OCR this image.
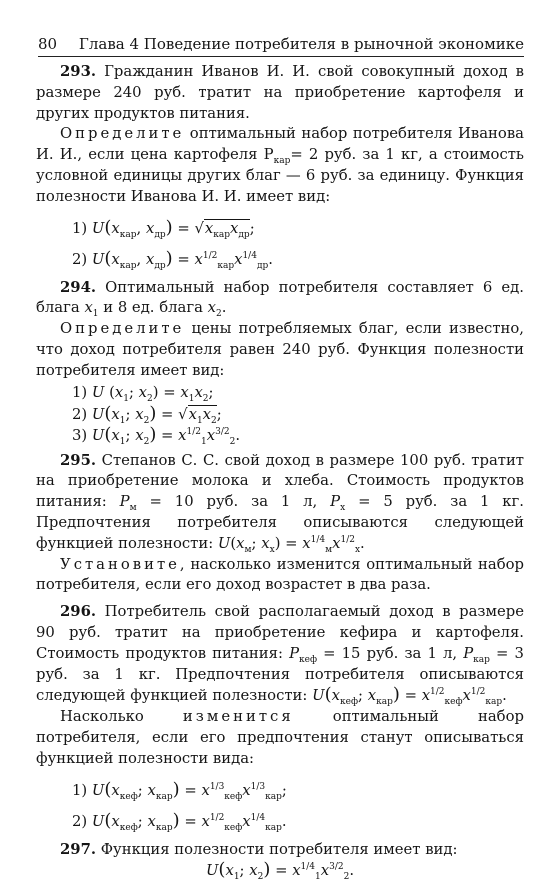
80 Глава 4 Поведение потребителя в рыночной экономике

293. Гражданин Иванов И. И. свой совокупный доход в размере 240 руб. тратит на приобретение картофеля и других продуктов питания.

Определите оптимальный набор потребителя Иванова И. И., если цена картофеля $P_{кар}= 2$ руб. за 1 кг, а стоимость условной единицы других благ — 6 руб. за единицу. Функция полезности Иванова И. И. имеет вид:

1) $U(x_{кар}$, $x_{др}) = √x_{кар}x_{др}$;

2) $U(x_{кар}$, $x_{др}) = x^{1/2}_{кар}x^{1/4}_{др}$.

294. Оптимальный набор потребителя составляет 6 ед. блага $x_1$ и 8 ед. блага $x_2$.

Определите цены потребляемых благ, если известно, что доход потребителя равен 240 руб. Функция полезности потребителя имеет вид:

1) U ($x_1$; $x_2) = x_1x_2$;

2) $U(x_1$; $x_2) = √x_1x_2$;

3) $U(x_1$; $x_2) = x^{1/2}_1x^{3/2}_2$.

295. Степанов С. С. свой доход в размере 100 руб. тратит на приобретение молока и хлеба. Стоимость продуктов питания: $P_м = 10$ руб. за 1 л, $P_х = 5$ руб. за 1 кг. Предпочтения потребителя описываются следующей функцией полезности: $U(x_м$; $x_х) = x^{1/4}_мx^{1/2}_х$.

Установите, насколько изменится оптимальный набор потребителя, если его доход возрастет в два раза.

296. Потребитель свой располагаемый доход в размере 90 руб. тратит на приобретение кефира и картофеля. Стоимость продуктов питания: $P_{кеф} = 15$ руб. за 1 л, $P_{кар} = 3$ руб. за 1 кг. Предпочтения потребителя описываются следующей функцией полезности: $U(x_{кеф}$; $x_{кар}) = x^{1/2}_{кеф}x^{1/2}_{кар}$.

Насколько	изменится	оптимальный набор потребителя, если его предпочтения станут описываться функцией полезности вида:

1) $U(x_{кеф}$; $x_{кар}) = x^{1/3}_{кеф}x^{1/3}_{кар}$;

2) $U(x_{кеф}$; $x_{кар}) = x^{1/2}_{кеф}x^{1/4}_{кар}$.

297. Функция полезности потребителя имеет вид:

$U(x_1$; $x_2) = x^{1/4}_1x^{3/2}_2$.
